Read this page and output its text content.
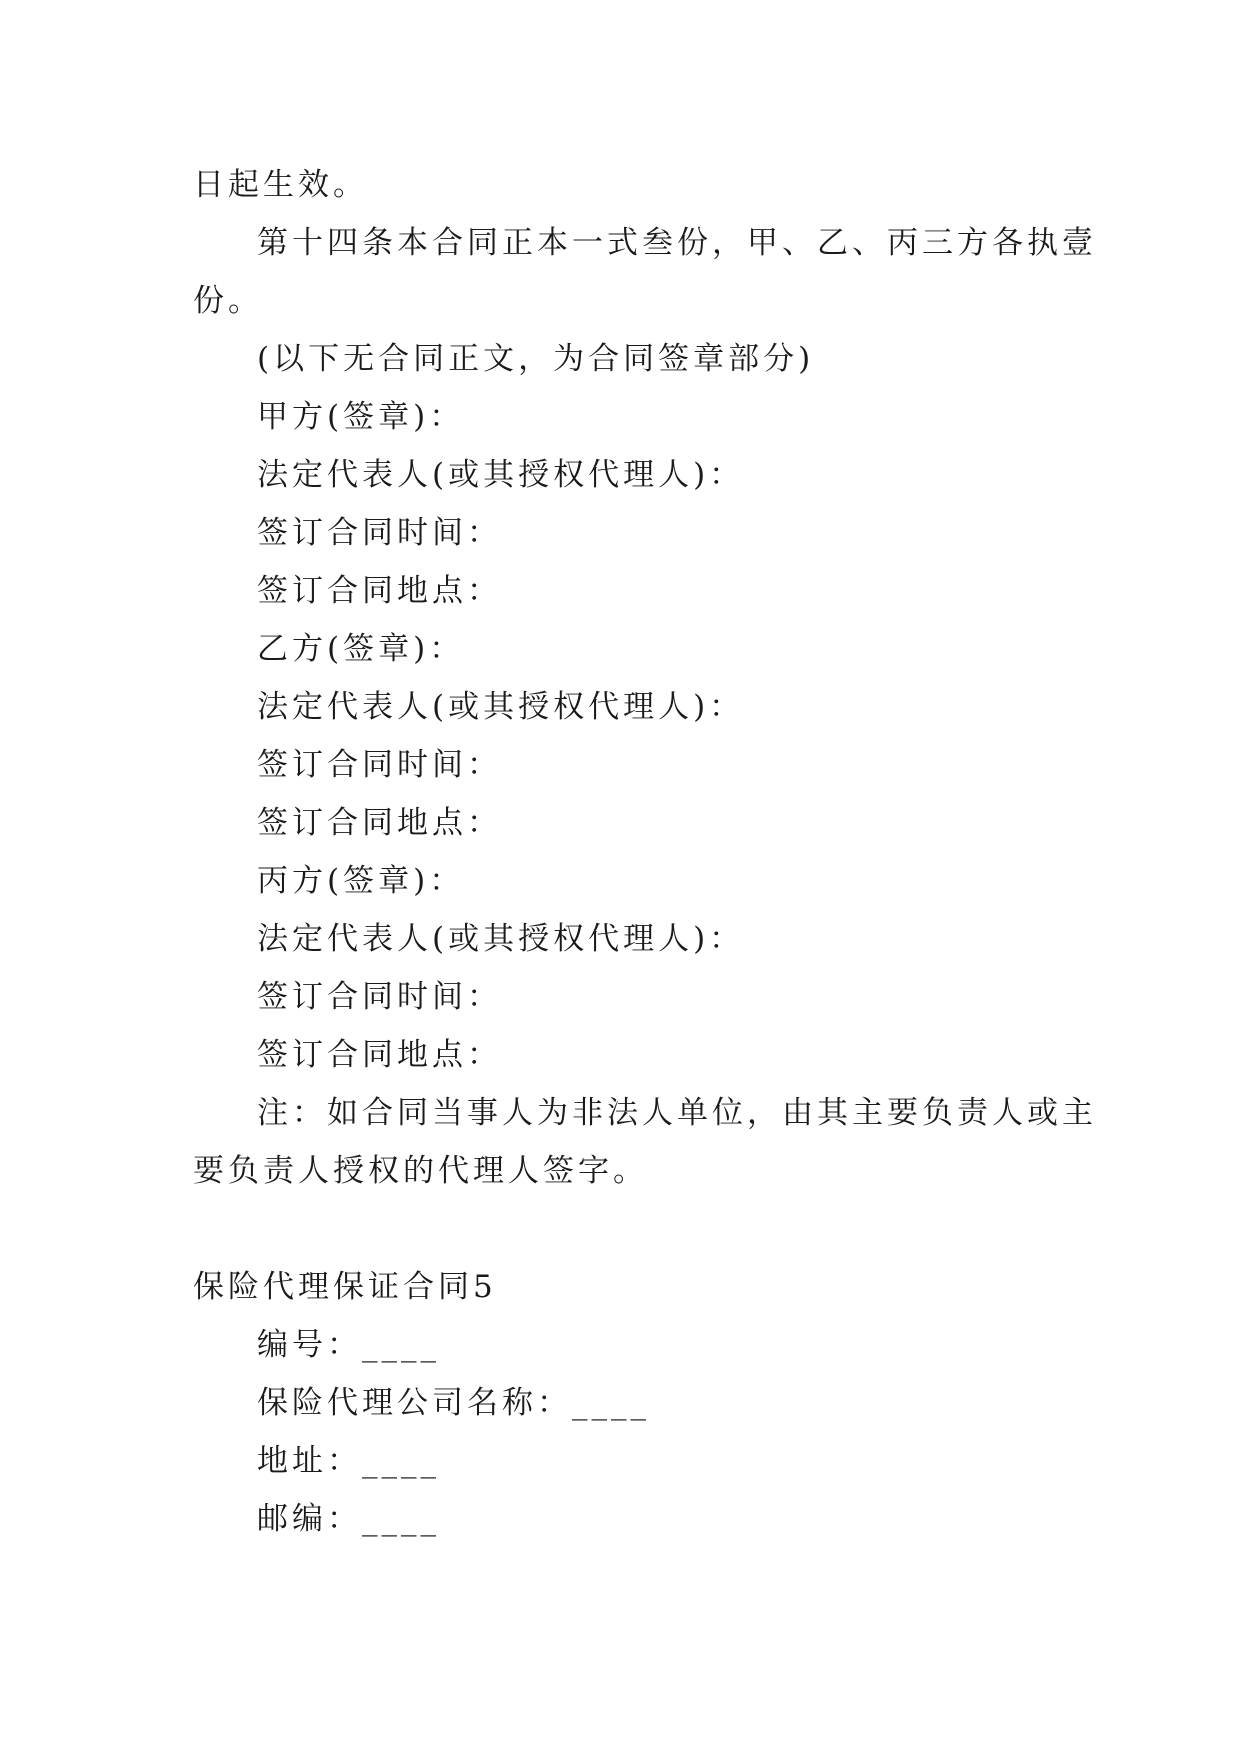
日起生效。
第十四条本合同正本一式叁份，甲、乙、丙三方各执壹
份。
(以下无合同正文，为合同签章部分)
甲方(签章)：
法定代表人(或其授权代理人)：
签订合同时间：
签订合同地点：
乙方(签章)：
法定代表人(或其授权代理人)：
签订合同时间：
签订合同地点：
丙方(签章)：
法定代表人(或其授权代理人)：
签订合同时间：
签订合同地点：
注：如合同当事人为非法人单位，由其主要负责人或主
要负责人授权的代理人签字。
保险代理保证合同5
编号：____
保险代理公司名称：____
地址：____
邮编：____
